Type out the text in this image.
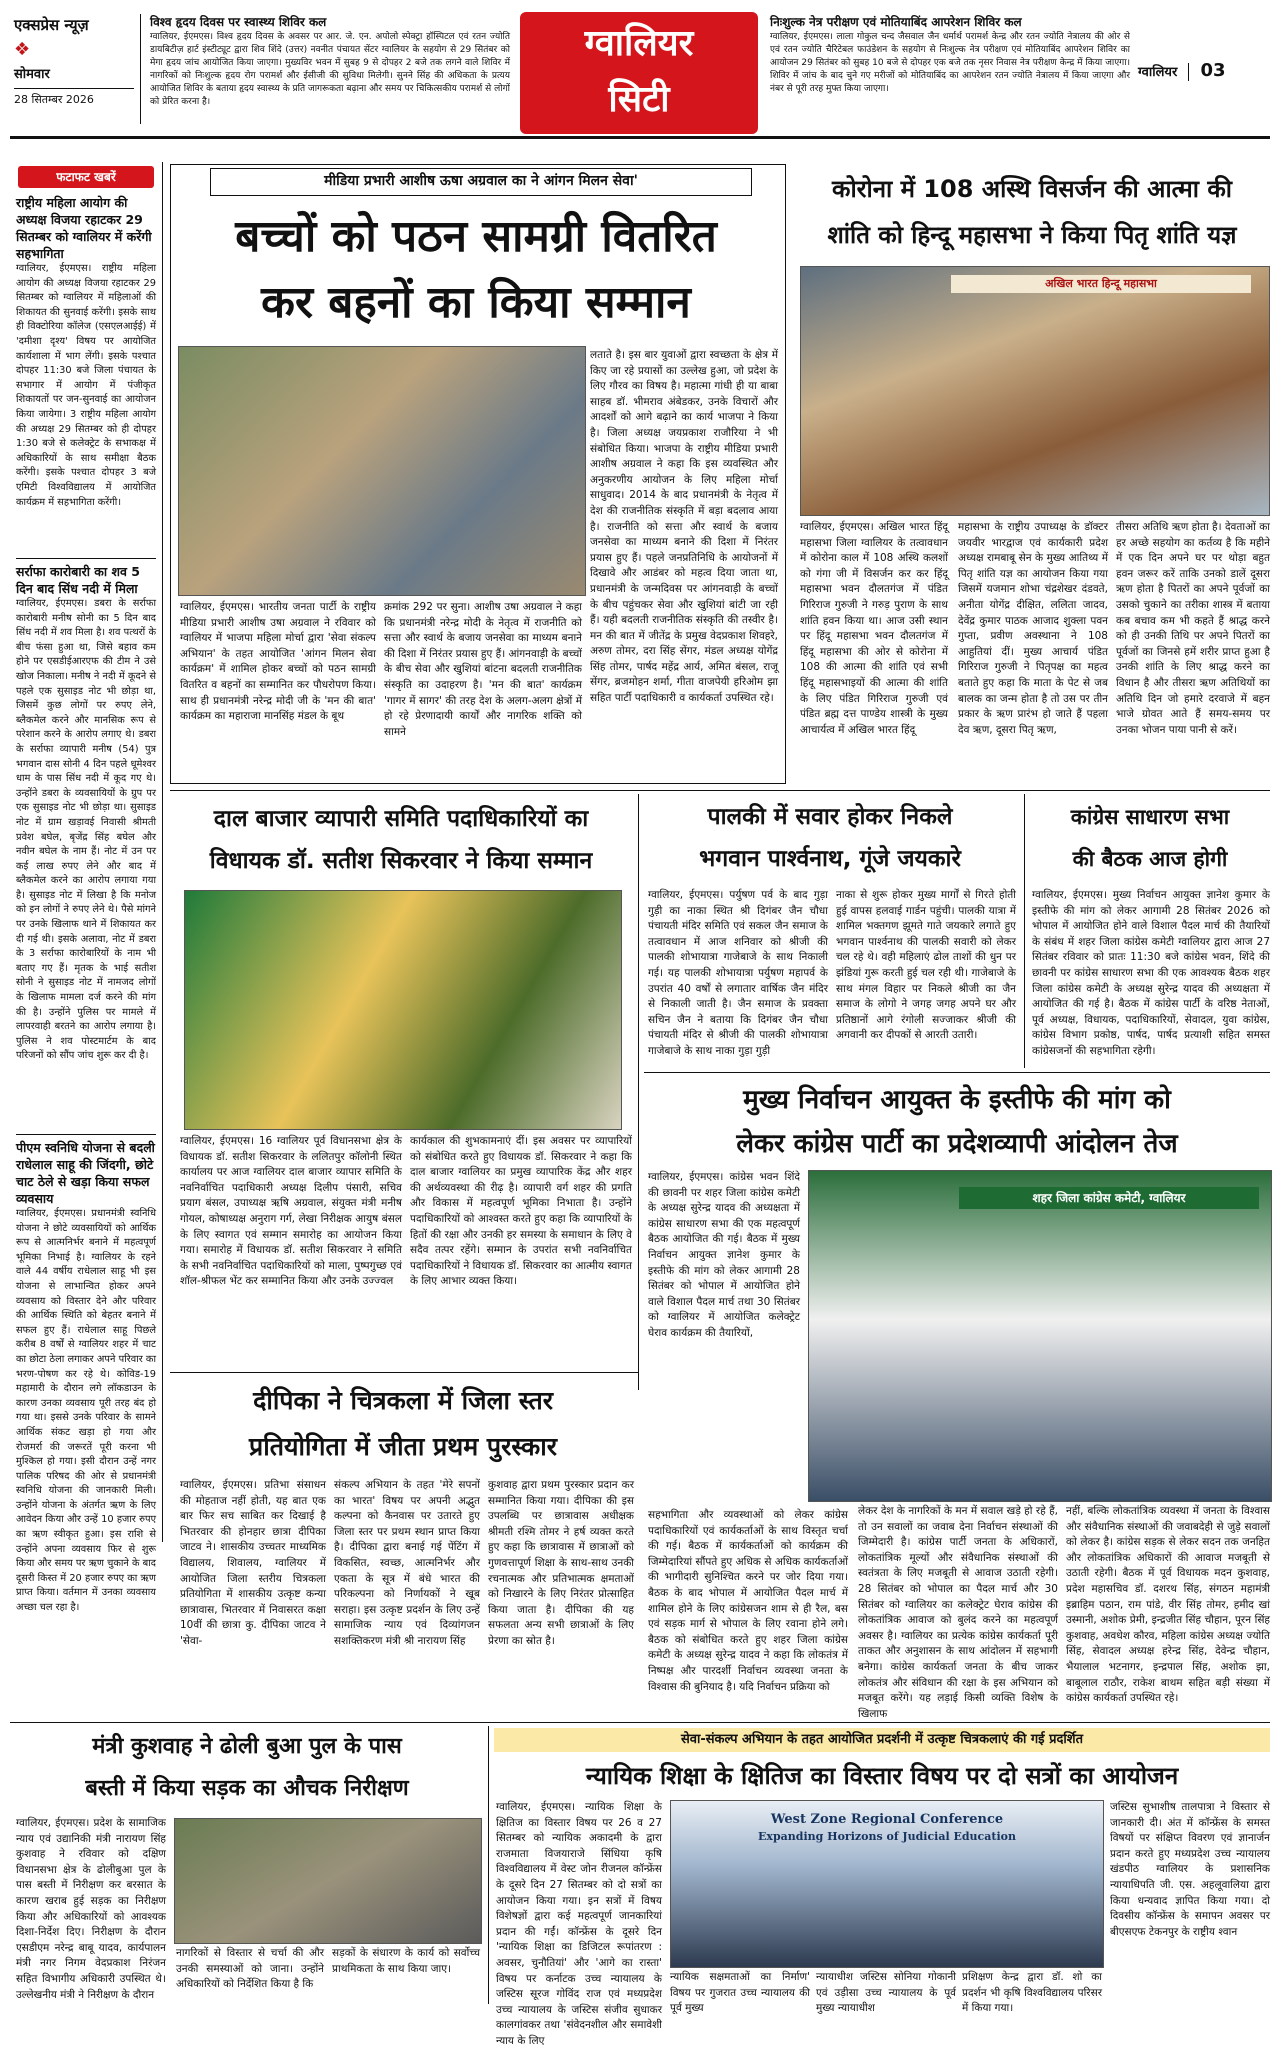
एक्सप्रेस न्यूज़
❖
सोमवार
28 सितम्बर 2026
विश्व हृदय दिवस पर स्वास्थ्य शिविर कल
ग्वालियर, ईएमएस। विश्व हृदय दिवस के अवसर पर आर. जे. एन. अपोलो स्पेक्ट्रा हॉस्पिटल एवं रतन ज्योति डायबिटीज़ हार्ट इंस्टीट्यूट द्वारा शिव शिंदे (उत्तर) नवनीत पंचायत सेंटर ग्वालियर के सहयोग से 29 सितंबर को मेगा हृदय जांच आयोजित किया जाएगा। मुख्यविर भवन में सुबह 9 से दोपहर 2 बजे तक लगने वाले शिविर में नागरिकों को निःशुल्क हृदय रोग परामर्श और ईसीजी की सुविधा मिलेगी। सुनने सिंह की अधिकता के प्रत्यय आयोजित शिविर के बताया हृदय स्वास्थ्य के प्रति जागरूकता बढ़ाना और समय पर चिकित्सकीय परामर्श से लोगों को प्रेरित करना है।
ग्वालियर
सिटी
निःशुल्क नेत्र परीक्षण एवं मोतियाबिंद आपरेशन शिविर कल
ग्वालियर, ईएमएस। लाला गोकुल चन्द जैसवाल जैन धर्मार्थ परामर्श केन्द्र और रतन ज्योति नेत्रालय की ओर से एवं रतन ज्योति चैरिटेबल फाउंडेशन के सहयोग से निःशुल्क नेत्र परीक्षण एवं मोतियाबिंद आपरेशन शिविर का आयोजन 29 सितंबर को सुबह 10 बजे से दोपहर एक बजे तक नृसर निवास नेत्र परीक्षण केन्द्र में किया जाएगा। शिविर में जांच के बाद चुने गए मरीजों को मोतियाबिंद का आपरेशन रतन ज्योति नेत्रालय में किया जाएगा और नंबर से पूरी तरह मुफ्त किया जाएगा।
ग्वालियर 03
फटाफट खबरें
राष्ट्रीय महिला आयोग की अध्यक्ष विजया रहाटकर 29 सितम्बर को ग्वालियर में करेंगी सहभागिता
ग्वालियर, ईएमएस। राष्ट्रीय महिला आयोग की अध्यक्ष विजया रहाटकर 29 सितम्बर को ग्वालियर में महिलाओं की शिकायत की सुनवाई करेंगी। इसके साथ ही विक्टोरिया कॉलेज (एसएलआईई) में 'दमीशा दृश्य' विषय पर आयोजित कार्यशाला में भाग लेंगी। इसके पश्चात दोपहर 11:30 बजे जिला पंचायत के सभागार में आयोग में पंजीकृत शिकायतों पर जन-सुनवाई का आयोजन किया जायेगा। 3 राष्ट्रीय महिला आयोग की अध्यक्ष 29 सितम्बर को ही दोपहर 1:30 बजे से कलेक्ट्रेट के सभाकक्ष में अधिकारियों के साथ समीक्षा बैठक करेंगी। इसके पश्चात दोपहर 3 बजे एमिटी विश्वविद्यालय में आयोजित कार्यक्रम में सहभागिता करेंगी।
सर्राफा कारोबारी का शव 5 दिन बाद सिंध नदी में मिला
ग्वालियर, ईएमएस। डबरा के सर्राफा कारोबारी मनीष सोनी का 5 दिन बाद सिंध नदी में शव मिला है। शव पत्थरों के बीच फंसा हुआ था, जिसे बहाव कम होने पर एसडीईआरएफ की टीम ने उसे खोज निकाला। मनीष ने नदी में कूदने से पहले एक सुसाइड नोट भी छोड़ा था, जिसमें कुछ लोगों पर रुपए लेने, ब्लैकमेल करने और मानसिक रूप से परेशान करने के आरोप लगाए थे। डबरा के सर्राफा व्यापारी मनीष (54) पुत्र भगवान दास सोनी 4 दिन पहले धूमेश्वर धाम के पास सिंध नदी में कूद गए थे। उन्होंने डबरा के व्यवसायियों के ग्रुप पर एक सुसाइड नोट भी छोड़ा था। सुसाइड नोट में ग्राम खड़ावई निवासी श्रीमती प्रवेश बघेल, बृजेंद्र सिंह बघेल और नवीन बघेल के नाम हैं। नोट में उन पर कई लाख रुपए लेने और बाद में ब्लैकमेल करने का आरोप लगाया गया है। सुसाइड नोट में लिखा है कि मनोज को इन लोगों ने रुपए लेने थे। पैसे मांगने पर उनके खिलाफ थाने में शिकायत कर दी गई थी। इसके अलावा, नोट में डबरा के 3 सर्राफा कारोबारियों के नाम भी बताए गए हैं। मृतक के भाई सतीश सोनी ने सुसाइड नोट में नामजद लोगों के खिलाफ मामला दर्ज करने की मांग की है। उन्होंने पुलिस पर मामले में लापरवाही बरतने का आरोप लगाया है। पुलिस ने शव पोस्टमार्टम के बाद परिजनों को सौंप जांच शुरू कर दी है।
पीएम स्वनिधि योजना से बदली राधेलाल साहू की जिंदगी, छोटे चाट ठेले से खड़ा किया सफल व्यवसाय
ग्वालियर, ईएमएस। प्रधानमंत्री स्वनिधि योजना ने छोटे व्यवसायियों को आर्थिक रूप से आत्मनिर्भर बनाने में महत्वपूर्ण भूमिका निभाई है। ग्वालियर के रहने वाले 44 वर्षीय राधेलाल साहू भी इस योजना से लाभान्वित होकर अपने व्यवसाय को विस्तार देने और परिवार की आर्थिक स्थिति को बेहतर बनाने में सफल हुए हैं। राधेलाल साहू पिछले करीब 8 वर्षों से ग्वालियर शहर में चाट का छोटा ठेला लगाकर अपने परिवार का भरण-पोषण कर रहे थे। कोविड-19 महामारी के दौरान लगे लॉकडाउन के कारण उनका व्यवसाय पूरी तरह बंद हो गया था। इससे उनके परिवार के सामने आर्थिक संकट खड़ा हो गया और रोजमर्रा की जरूरतें पूरी करना भी मुश्किल हो गया। इसी दौरान उन्हें नगर पालिक परिषद की ओर से प्रधानमंत्री स्वनिधि योजना की जानकारी मिली। उन्होंने योजना के अंतर्गत ऋण के लिए आवेदन किया और उन्हें 10 हजार रुपए का ऋण स्वीकृत हुआ। इस राशि से उन्होंने अपना व्यवसाय फिर से शुरू किया और समय पर ऋण चुकाने के बाद दूसरी किस्त में 20 हजार रुपए का ऋण प्राप्त किया। वर्तमान में उनका व्यवसाय अच्छा चल रहा है।
मीडिया प्रभारी आशीष ऊषा अग्रवाल का ने आंगन मिलन सेवा'
बच्चों को पठन सामग्री वितरित
कर बहनों का किया सम्मान
लताते है। इस बार युवाओं द्वारा स्वच्छता के क्षेत्र में किए जा रहे प्रयासों का उल्लेख हुआ, जो प्रदेश के लिए गौरव का विषय है। महात्मा गांधी ही या बाबा साहब डॉ. भीमराव अंबेडकर, उनके विचारों और आदर्शों को आगे बढ़ाने का कार्य भाजपा ने किया है। जिला अध्यक्ष जयप्रकाश राजौरिया ने भी संबोधित किया। भाजपा के राष्ट्रीय मीडिया प्रभारी आशीष अग्रवाल ने कहा कि इस व्यवस्थित और अनुकरणीय आयोजन के लिए महिला मोर्चा साधुवाद। 2014 के बाद प्रधानमंत्री के नेतृत्व में देश की राजनीतिक संस्कृति में बड़ा बदलाव आया है। राजनीति को सत्ता और स्वार्थ के बजाय जनसेवा का माध्यम बनाने की दिशा में निरंतर प्रयास हुए हैं। पहले जनप्रतिनिधि के आयोजनों में दिखावे और आडंबर को महत्व दिया जाता था, प्रधानमंत्री के जन्मदिवस पर आंगनवाड़ी के बच्चों के बीच पहुंचकर सेवा और खुशियां बांटी जा रही हैं। यही बदलती राजनीतिक संस्कृति की तस्वीर है। मन की बात में जीतेंद्र के प्रमुख वेदप्रकाश शिवहरे, अरुण तोमर, दरा सिंह सेंगर, मंडल अध्यक्ष योगेंद्र सिंह तोमर, पार्षद महेंद्र आर्य, अमित बंसल, राजू सेंगर, ब्रजमोहन शर्मा, गीता वाजपेयी हरिओम झा सहित पार्टी पदाधिकारी व कार्यकर्ता उपस्थित रहे।
ग्वालियर, ईएमएस। भारतीय जनता पार्टी के राष्ट्रीय मीडिया प्रभारी आशीष उषा अग्रवाल ने रविवार को ग्वालियर में भाजपा महिला मोर्चा द्वारा 'सेवा संकल्प अभियान' के तहत आयोजित 'आंगन मिलन सेवा कार्यक्रम' में शामिल होकर बच्चों को पठन सामग्री वितरित व बहनों का सम्मानित कर पौधरोपण किया। साथ ही प्रधानमंत्री नरेन्द्र मोदी जी के 'मन की बात' कार्यक्रम का महाराजा मानसिंह मंडल के बूथ
क्रमांक 292 पर सुना। आशीष उषा अग्रवाल ने कहा कि प्रधानमंत्री नरेन्द्र मोदी के नेतृत्व में राजनीति को सत्ता और स्वार्थ के बजाय जनसेवा का माध्यम बनाने की दिशा में निरंतर प्रयास हुए हैं। आंगनवाड़ी के बच्चों के बीच सेवा और खुशियां बांटना बदलती राजनीतिक संस्कृति का उदाहरण है। 'मन की बात' कार्यक्रम 'गागर में सागर' की तरह देश के अलग-अलग क्षेत्रों में हो रहे प्रेरणादायी कार्यों और नागरिक शक्ति को सामने
कोरोना में 108 अस्थि विसर्जन की आत्मा की
शांति को हिन्दू महासभा ने किया पितृ शांति यज्ञ
अखिल भारत हिन्दू महासभा
ग्वालियर, ईएमएस। अखिल भारत हिंदू महासभा जिला ग्वालियर के तत्वावधान में कोरोना काल में 108 अस्थि कलशों को गंगा जी में विसर्जन कर कर हिंदू महासभा भवन दौलतगंज में पंडित गिरिराज गुरुजी ने गरुड़ पुराण के साथ शांति हवन किया था। आज उसी स्थान पर हिंदू महासभा भवन दौलतगंज में हिंदू महासभा की ओर से कोरोना में 108 की आत्मा की शांति एवं सभी हिंदू महासभाइयों की आत्मा की शांति के लिए पंडित गिरिराज गुरुजी एवं पंडित ब्रह्म दत्त पाण्डेय शास्त्री के मुख्य आचार्यत्व में अखिल भारत हिंदू
महासभा के राष्ट्रीय उपाध्यक्ष के डॉक्टर जयवीर भारद्वाज एवं कार्यकारी प्रदेश अध्यक्ष रामबाबू सेन के मुख्य आतिथ्य में पितृ शांति यज्ञ का आयोजन किया गया जिसमें यजमान शोभा चंद्रशेखर दंडवते, अनीता योगेंद्र दीक्षित, ललिता जादव, देवेंद्र कुमार पाठक आजाद शुक्ला पवन गुप्ता, प्रवीण अवस्थाना ने 108 आहुतियां दीं। मुख्य आचार्य पंडित गिरिराज गुरुजी ने पितृपक्ष का महत्व बताते हुए कहा कि माता के पेट से जब बालक का जन्म होता है तो उस पर तीन प्रकार के ऋण प्रारंभ हो जाते हैं पहला देव ऋण, दूसरा पितृ ऋण,
तीसरा अतिथि ऋण होता है। देवताओं का हर अच्छे सहयोग का कर्तव्य है कि महीने में एक दिन अपने घर पर थोड़ा बहुत हवन जरूर करें ताकि उनको डालें दूसरा ऋण होता है पितरों का अपने पूर्वजों का उसको चुकाने का तरीका शास्त्र में बताया कब बचाव कम भी कहते हैं श्राद्ध करने को ही उनकी तिथि पर अपने पितरों का पूर्वजों का जिनसे हमें शरीर प्राप्त हुआ है उनकी शांति के लिए श्राद्ध करने का विधान है और तीसरा ऋण अतिथियों का अतिथि दिन जो हमारे दरवाजे में बहन भाजे ग्रोवत आते हैं समय-समय पर उनका भोजन पाया पानी से करें।
दाल बाजार व्यापारी समिति पदाधिकारियों का
विधायक डॉ. सतीश सिकरवार ने किया सम्मान
ग्वालियर, ईएमएस। 16 ग्वालियर पूर्व विधानसभा क्षेत्र के विधायक डॉ. सतीश सिकरवार के ललितपुर कॉलोनी स्थित कार्यालय पर आज ग्वालियर दाल बाजार व्यापार समिति के नवनिर्वाचित पदाधिकारी अध्यक्ष दिलीप पंसारी, सचिव प्रयाग बंसल, उपाध्यक्ष ऋषि अग्रवाल, संयुक्त मंत्री मनीष गोयल, कोषाध्यक्ष अनुराग गर्ग, लेखा निरीक्षक आयुष बंसल के लिए स्वागत एवं सम्मान समारोह का आयोजन किया गया। समारोह में विधायक डॉ. सतीश सिकरवार ने समिति के सभी नवनिर्वाचित पदाधिकारियों को माला, पुष्पगुच्छ एवं शॉल-श्रीफल भेंट कर सम्मानित किया और उनके उज्ज्वल
कार्यकाल की शुभकामनाएं दीं। इस अवसर पर व्यापारियों को संबोधित करते हुए विधायक डॉ. सिकरवार ने कहा कि दाल बाजार ग्वालियर का प्रमुख व्यापारिक केंद्र और शहर की अर्थव्यवस्था की रीढ़ है। व्यापारी वर्ग शहर की प्रगति और विकास में महत्वपूर्ण भूमिका निभाता है। उन्होंने पदाधिकारियों को आश्वस्त करते हुए कहा कि व्यापारियों के हितों की रक्षा और उनकी हर समस्या के समाधान के लिए वे सदैव तत्पर रहेंगे। सम्मान के उपरांत सभी नवनिर्वाचित पदाधिकारियों ने विधायक डॉ. सिकरवार का आत्मीय स्वागत के लिए आभार व्यक्त किया।
पालकी में सवार होकर निकले
भगवान पार्श्वनाथ, गूंजे जयकारे
ग्वालियर, ईएमएस। पर्युषण पर्व के बाद गुड़ा गुड़ी का नाका स्थित श्री दिगंबर जैन चौधा पंचायती मंदिर समिति एवं सकल जैन समाज के तत्वावधान में आज शनिवार को श्रीजी की पालकी शोभायात्रा गाजेबाजे के साथ निकाली गई। यह पालकी शोभायात्रा पर्युषण महापर्व के उपरांत 40 वर्षों से लगातार वार्षिक जैन मंदिर से निकाली जाती है। जैन समाज के प्रवक्ता सचिन जैन ने बताया कि दिगंबर जैन चौधा पंचायती मंदिर से श्रीजी की पालकी शोभायात्रा गाजेबाजे के साथ नाका गुड़ा गुड़ी
नाका से शुरू होकर मुख्य मार्गों से गिरते होती हुई वापस हलवाई गार्डन पहुंची। पालकी यात्रा में शामिल भक्तगण झूमते गाते जयकारे लगाते हुए भगवान पार्श्वनाथ की पालकी सवारी को लेकर चल रहे थे। वही महिलाएं ढोल ताशों की धुन पर झंडियां गुरू करती हुई चल रही थी। गाजेबाजे के साथ मंगल विहार पर निकले श्रीजी का जैन समाज के लोगो ने जगह जगह अपने घर और प्रतिष्ठानों आगे रंगोली सज्जाकर श्रीजी की अगवानी कर दीपकों से आरती उतारी।
कांग्रेस साधारण सभा
की बैठक आज होगी
ग्वालियर, ईएमएस। मुख्य निर्वाचन आयुक्त ज्ञानेश कुमार के इस्तीफे की मांग को लेकर आगामी 28 सितंबर 2026 को भोपाल में आयोजित होने वाले विशाल पैदल मार्च की तैयारियों के संबंध में शहर जिला कांग्रेस कमेटी ग्वालियर द्वारा आज 27 सितंबर रविवार को प्रातः 11:30 बजे कांग्रेस भवन, शिंदे की छावनी पर कांग्रेस साधारण सभा की एक आवश्यक बैठक शहर जिला कांग्रेस कमेटी के अध्यक्ष सुरेन्द्र यादव की अध्यक्षता में आयोजित की गई है। बैठक में कांग्रेस पार्टी के वरिष्ठ नेताओं, पूर्व अध्यक्ष, विधायक, पदाधिकारियों, सेवादल, युवा कांग्रेस, कांग्रेस विभाग प्रकोष्ठ, पार्षद, पार्षद प्रत्याशी सहित समस्त कांग्रेसजनों की सहभागिता रहेगी।
मुख्य निर्वाचन आयुक्त के इस्तीफे की मांग को
लेकर कांग्रेस पार्टी का प्रदेशव्यापी आंदोलन तेज
ग्वालियर, ईएमएस। कांग्रेस भवन शिंदे की छावनी पर शहर जिला कांग्रेस कमेटी के अध्यक्ष सुरेन्द्र यादव की अध्यक्षता में कांग्रेस साधारण सभा की एक महत्वपूर्ण बैठक आयोजित की गई। बैठक में मुख्य निर्वाचन आयुक्त ज्ञानेश कुमार के इस्तीफे की मांग को लेकर आगामी 28 सितंबर को भोपाल में आयोजित होने वाले विशाल पैदल मार्च तथा 30 सितंबर को ग्वालियर में आयोजित कलेक्ट्रेट घेराव कार्यक्रम की तैयारियों,
शहर जिला कांग्रेस कमेटी, ग्वालियर
सहभागिता और व्यवस्थाओं को लेकर कांग्रेस पदाधिकारियों एवं कार्यकर्ताओं के साथ विस्तृत चर्चा की गई। बैठक में कार्यकर्ताओं को कार्यक्रम की जिम्मेदारियां सौंपते हुए अधिक से अधिक कार्यकर्ताओं की भागीदारी सुनिश्चित करने पर जोर दिया गया। बैठक के बाद भोपाल में आयोजित पैदल मार्च में शामिल होने के लिए कांग्रेसजन शाम से ही रैल, बस एवं सड़क मार्ग से भोपाल के लिए रवाना होने लगे। बैठक को संबोधित करते हुए शहर जिला कांग्रेस कमेटी के अध्यक्ष सुरेन्द्र यादव ने कहा कि लोकतंत्र में निष्पक्ष और पारदर्शी निर्वाचन व्यवस्था जनता के विश्वास की बुनियाद है। यदि निर्वाचन प्रक्रिया को
लेकर देश के नागरिकों के मन में सवाल खड़े हो रहे हैं, तो उन सवालों का जवाब देना निर्वाचन संस्थाओं की जिम्मेदारी है। कांग्रेस पार्टी जनता के अधिकारों, लोकतांत्रिक मूल्यों और संवैधानिक संस्थाओं की स्वतंत्रता के लिए मजबूती से आवाज उठाती रहेगी। 28 सितंबर को भोपाल का पैदल मार्च और 30 सितंबर को ग्वालियर का कलेक्ट्रेट घेराव कांग्रेस की लोकतांत्रिक आवाज को बुलंद करने का महत्वपूर्ण अवसर है। ग्वालियर का प्रत्येक कांग्रेस कार्यकर्ता पूरी ताकत और अनुशासन के साथ आंदोलन में सहभागी बनेगा। कांग्रेस कार्यकर्ता जनता के बीच जाकर लोकतंत्र और संविधान की रक्षा के इस अभियान को मजबूत करेंगे। यह लड़ाई किसी व्यक्ति विशेष के खिलाफ
नहीं, बल्कि लोकतांत्रिक व्यवस्था में जनता के विश्वास और संवैधानिक संस्थाओं की जवाबदेही से जुड़े सवालों को लेकर है। कांग्रेस सड़क से लेकर सदन तक जनहित और लोकतांत्रिक अधिकारों की आवाज मजबूती से उठाती रहेगी। बैठक में पूर्व विधायक मदन कुशवाह, प्रदेश महासचिव डॉ. दशरथ सिंह, संगठन महामंत्री इब्राहिम पठान, राम पांडे, वीर सिंह तोमर, हमीद खां उस्मानी, अशोक प्रेमी, इन्द्रजीत सिंह चौहान, पूरन सिंह कुशवाह, अवधेश कौरव, महिला कांग्रेस अध्यक्ष ज्योति सिंह, सेवादल अध्यक्ष हरेन्द्र सिंह, देवेन्द्र चौहान, भैयालाल भटनागर, इन्द्रपाल सिंह, अशोक झा, बाबूलाल राठौर, राकेश बाथम सहित बड़ी संख्या में कांग्रेस कार्यकर्ता उपस्थित रहे।
दीपिका ने चित्रकला में जिला स्तर
प्रतियोगिता में जीता प्रथम पुरस्कार
ग्वालियर, ईएमएस। प्रतिभा संसाधन की मोहताज नहीं होती, यह बात एक बार फिर सच साबित कर दिखाई है भितरवार की होनहार छात्रा दीपिका जाटव ने। शासकीय उच्चतर माध्यमिक विद्यालय, शिवालय, ग्वालियर में आयोजित जिला स्तरीय चित्रकला प्रतियोगिता में शासकीय उत्कृष्ट कन्या छात्रावास, भितरवार में निवासरत कक्षा 10वीं की छात्रा कु. दीपिका जाटव ने 'सेवा-
संकल्प अभियान के तहत 'मेरे सपनों का भारत' विषय पर अपनी अद्भुत कल्पना को कैनवास पर उतारते हुए जिला स्तर पर प्रथम स्थान प्राप्त किया है। दीपिका द्वारा बनाई गई पेंटिंग में विकसित, स्वच्छ, आत्मनिर्भर और एकता के सूत्र में बंधे भारत की परिकल्पना को निर्णायकों ने खूब सराहा। इस उत्कृष्ट प्रदर्शन के लिए उन्हें सामाजिक न्याय एवं दिव्यांगजन सशक्तिकरण मंत्री श्री नारायण सिंह
कुशवाह द्वारा प्रथम पुरस्कार प्रदान कर सम्मानित किया गया। दीपिका की इस उपलब्धि पर छात्रावास अधीक्षक श्रीमती रश्मि तोमर ने हर्ष व्यक्त करते हुए कहा कि छात्रावास में छात्राओं को गुणवत्तापूर्ण शिक्षा के साथ-साथ उनकी रचनात्मक और प्रतिभात्मक क्षमताओं को निखारने के लिए निरंतर प्रोत्साहित किया जाता है। दीपिका की यह सफलता अन्य सभी छात्राओं के लिए प्रेरणा का स्रोत है।
मंत्री कुशवाह ने ढोली बुआ पुल के पास
बस्ती में किया सड़क का औचक निरीक्षण
ग्वालियर, ईएमएस। प्रदेश के सामाजिक न्याय एवं उद्यानिकी मंत्री नारायण सिंह कुशवाह ने रविवार को दक्षिण विधानसभा क्षेत्र के ढोलीबुआ पुल के पास बस्ती में निरीक्षण कर बरसात के कारण खराब हुई सड़क का निरीक्षण किया और अधिकारियों को आवश्यक दिशा-निर्देश दिए। निरीक्षण के दौरान एसडीएम नरेन्द्र बाबू यादव, कार्यपालन मंत्री नगर निगम वेदप्रकाश निरंजन सहित विभागीय अधिकारी उपस्थित थे। उल्लेखनीय मंत्री ने निरीक्षण के दौरान
नागरिकों से विस्तार से चर्चा की और उनकी समस्याओं को जाना। उन्होंने अधिकारियों को निर्देशित किया है कि
सड़कों के संधारण के कार्य को सर्वोच्च प्राथमिकता के साथ किया जाए।
सेवा-संकल्प अभियान के तहत आयोजित प्रदर्शनी में उत्कृष्ट चित्रकलाएं की गई प्रदर्शित
न्यायिक शिक्षा के क्षितिज का विस्तार विषय पर दो सत्रों का आयोजन
ग्वालियर, ईएमएस। न्यायिक शिक्षा के क्षितिज का विस्तार विषय पर 26 व 27 सितम्बर को न्यायिक अकादमी के द्वारा राजमाता विजयाराजे सिंधिया कृषि विश्वविद्यालय में वेस्ट जोन रीजनल कॉन्फ्रेंस के दूसरे दिन 27 सितम्बर को दो सत्रों का आयोजन किया गया। इन सत्रों में विषय विशेषज्ञों द्वारा कई महत्वपूर्ण जानकारियां प्रदान की गईं। कॉन्फ्रेंस के दूसरे दिन 'न्यायिक शिक्षा का डिजिटल रूपांतरण : अवसर, चुनौतियां' और 'आगे का रास्ता' विषय पर कर्नाटक उच्च न्यायालय के जस्टिस सूरज गोविंद राज एवं मध्यप्रदेश उच्च न्यायालय के जस्टिस संजीव सुधाकर कालगांवकर तथा 'संवेदनशील और समावेशी न्याय के लिए
West Zone Regional Conference
Expanding Horizons of Judicial Education
न्यायिक सक्षमताओं का निर्माण' विषय पर गुजरात उच्च न्यायालय की पूर्व मुख्य
न्यायाधीश जस्टिस सोनिया गोकानी एवं उड़ीसा उच्च न्यायालय के पूर्व मुख्य न्यायाधीश
प्रशिक्षण केन्द्र द्वारा डॉ. शो का प्रदर्शन भी कृषि विश्वविद्यालय परिसर में किया गया।
जस्टिस सुभाशीष तालपात्रा ने विस्तार से जानकारी दी। अंत में कॉन्फ्रेंस के समस्त विषयों पर संक्षिप्त विवरण एवं ज्ञानार्जन प्रदान करते हुए मध्यप्रदेश उच्च न्यायालय खंडपीठ ग्वालियर के प्रशासनिक न्यायाधिपति जी. एस. अहलूवालिया द्वारा किया धन्यवाद ज्ञापित किया गया। दो दिवसीय कॉन्फ्रेंस के समापन अवसर पर बीएसएफ टेकनपुर के राष्ट्रीय श्वान
